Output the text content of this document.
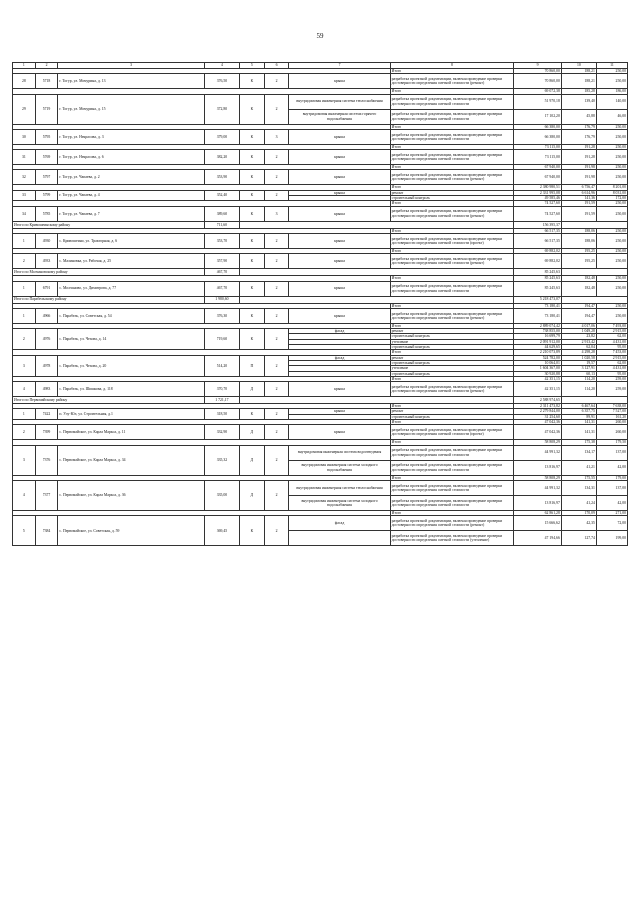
59
1	2	3	4	5	6	7	8	9	10	11
							Итого	70 860,00	188,21	250,00
28	5718	г. Тогур, ул. Мичурина, д. 13	376,50	К	2	крыша	разработка проектной документации, включая проведение проверки достоверности определения сметной стоимости (ремонт)	70 860,00	188,21	250,00
							Итого	69 072,38	185,28	186,00
29	5719	г. Тогур, ул. Мичурина, д. 15	372,80	К	2	внутридомовая инженерная система теплоснабжения	разработка проектной документации, включая проведение проверки достоверности определения сметной стоимости	51 970,18	139,40	140,00
						внутридомовая инженерная система горячего водоснабжения	разработка проектной документации, включая проведение проверки достоверности определения сметной стоимости	17 102,20	45,88	46,00
							Итого	66 380,00	176,79	250,00
30	5795	г. Тогур, ул. Некрасова, д. 3	379,00	К	3	крыша	разработка проектной документации, включая проведение проверки достоверности определения сметной стоимости	66 380,00	176,79	250,00
							Итого	73 115,00	191,28	250,00
31	5769	г. Тогур, ул. Некрасова, д. 6	382,20	К	2	крыша	разработка проектной документации, включая проведение проверки достоверности определения сметной стоимости	73 115,00	191,28	250,00
							Итого	67 940,00	191,98	250,00
32	5797	г. Тогур, ул. Чапаева, д. 2	353,90	К	2	крыша	разработка проектной документации, включая проведение проверки достоверности определения сметной стоимости (ремонт)	67 940,00	191,98	250,00
							Итого	2 380 980,51	6 756,47	8 201,00
33	5799	г. Тогур, ул. Чапаева, д. 4	352,40	К	2	крыша	ремонт	2 331 995,08	6 614,96	8 031,00
							строительный контроль	49 585,46	141,36	172,00
							Итого	74 527,60	191,59	250,00
34	5785	г. Тогур, ул. Чапаева, д. 7	389,60	К	3	крыша	разработка проектной документации, включая проведение проверки достоверности определения сметной стоимости (ремонт)	74 527,60	191,59	250,00
Итого по Кривошеинскому району			711,60					156 395,37		
							Итого	66 517,35	188,06	250,00
1	4930	с. Кривошеино, ул. Тракторная, д. 6	353,70	К	2	крыша	разработка проектной документации, включая проведение проверки достоверности определения сметной стоимости (проект)	66 517,35	188,06	250,00
							Итого	69 882,02	195,25	250,00
2	4933	с. Малиновка, ул. Рабочая, д. 25	357,90	К	2	крыша	разработка проектной документации, включая проведение проверки достоверности определения сметной стоимости (ремонт)	69 882,02	195,25	250,00
Итого по Молчановскому району			467,70					85 245,63		
							Итого	85 245,63	182,48	250,00
1	6791	с. Молчаново, ул. Димитрова, д. 77	467,70	К	2	крыша	разработка проектной документации, включая проведение проверки достоверности определения сметной стоимости	85 245,63	182,48	250,00
Итого по Парабельскому району			1 980,60					5 218 473,07		
							Итого	73 180,41	194,47	250,00
1	4966	с. Парабель, ул. Советская, д. 54	376,30	К	2	крыша	разработка проектной документации, включая проведение проверки достоверности определения сметной стоимости (ремонт)	73 180,41	194,47	250,00
							Итого	2 889 074,42	4 017,06	7 493,00
2	4976	с. Парабель, ул. Чехова, д. 14	719,60	К	2	фасад	ремонт	738 855,00	1 049,28	2 915,00
							строительный контроль	16 699,79	23,82	62,00
							утепление	2 091 912,00	2 913,42	4 431,00
							строительный контроль	44 629,65	62,04	95,00
							Итого	2 210 073,89	4 298,28	7 453,00
3	4978	с. Парабель, ул. Чехова, д. 20	514,20	П	2	фасад	ремонт	524 782,00	1 020,58	2 915,00
							строительный контроль	10 064,01	19,57	62,00
							утепление	1 604 367,00	3 127,91	4 431,00
							строительный контроль	30 920,88	60,13	95,00
							Итого	42 351,15	114,20	259,00
4	4983	с. Парабель, ул. Шишкова, д. 118	370,70	Д	2	крыша	разработка проектной документации, включая проведение проверки достоверности определения сметной стоимости (ремонт)	42 351,15	114,20	259,00
Итого по Первомайскому району			1 721,17					2 588 974,65		
							Итого	2 311 473,82	6 467,64	7 638,00
1	7422	п. Улу-Юл, ул. Строительная, д.1	318,50	К	2	крыша	ремонт	2 279 844,00	6 357,75	7 527,00
							строительный контроль	31 254,60	89,91	161,20
							Итого	47 042,36	141,31	260,00
2	7399	с. Первомайское, ул. Карла Маркса, д. 11	332,90	Д	2	крыша	разработка проектной документации, включая проведение проверки достоверности определения сметной стоимости (проект)	47 042,36	141,31	260,00
							Итого	58 808,29	175,38	179,50
3	7376	с. Первомайское, ул. Карла Маркса, д. 34	335,32	Д	2	внутридомовая инженерная система водоотведения	разработка проектной документации, включая проведение проверки достоверности определения сметной стоимости	44 991,32	134,17	137,00
						внутридомовая инженерная система холодного водоснабжения	разработка проектной документации, включая проведение проверки достоверности определения сметной стоимости	13 816,97	41,21	42,00
							Итого	58 808,29	175,55	179,00
4	7377	с. Первомайское, ул. Карла Маркса, д. 36	335,00	Д	2	внутридомовая инженерная система теплоснабжения	разработка проектной документации, включая проведение проверки достоверности определения сметной стоимости	44 991,32	134,31	137,00
						внутридомовая инженерная система холодного водоснабжения	разработка проектной документации, включая проведение проверки достоверности определения сметной стоимости	13 816,97	41,24	42,00
							Итого	62 861,28	170,09	271,00
5	7384	с. Первомайское, ул. Советская, д. 59	369,45	К	2	фасад	разработка проектной документации, включая проведение проверки достоверности определения сметной стоимости (ремонт)	15 666,62	42,35	72,00
							разработка проектной документации, включая проведение проверки достоверности определения сметной стоимости (утепление)	47 194,66	127,74	199,00
